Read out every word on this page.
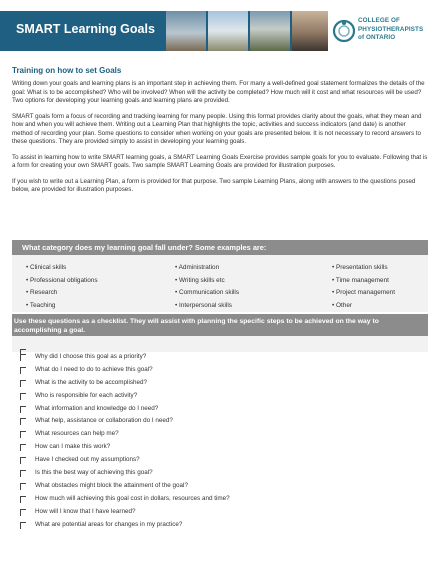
SMART Learning Goals
COLLEGE OF
PHYSIOTHERAPISTS
of ONTARIO
Training on how to set Goals

Writing down your goals and learning plans is an important step in achieving them. For many a well-defined goal statement formalizes the details of the goal: What is to be accomplished? Who will be involved? When will the activity be completed? How much will it cost and what resources will be used? Two options for developing your learning goals and learning plans are provided.

SMART goals form a focus of recording and tracking learning for many people. Using this format provides clarity about the goals, what they mean and how and when you will achieve them. Writing out a Learning Plan that highlights the topic, activities and success indicators (and date) is another method of recording your plan. Some questions to consider when working on your goals are presented below. It is not necessary to record answers to these questions. They are provided simply to assist in developing your learning goals.

To assist in learning how to write SMART learning goals, a SMART Learning Goals Exercise provides sample goals for you to evaluate. Following that is a form for creating your own SMART goals. Two sample SMART Learning Goals are provided for illustration purposes.

If you wish to write out a Learning Plan, a form is provided for that purpose. Two sample Learning Plans, along with answers to the questions posed below, are provided for illustration purposes.

What category does my learning goal fall under? Some examples are:
• Clinical skills
• Professional obligations
• Research
• Teaching
• Administration
• Writing skills etc
• Communication skills
• Interpersonal skills
• Presentation skills
• Time management
• Project management
• Other
Use these questions as a checklist. They will assist with planning the specific steps to be achieved on the way to accomplishing a goal.
Why did I choose this goal as a priority?
What do I need to do to achieve this goal?
What is the activity to be accomplished?
Who is responsible for each activity?
What information and knowledge do I need?
What help, assistance or collaboration do I need?
What resources can help me?
How can I make this work?
Have I checked out my assumptions?
Is this the best way of achieving this goal?
What obstacles might block the attainment of the goal?
How much will achieving this goal cost in dollars, resources and time?
How will I know that I have learned?
What are potential areas for changes in my practice?
